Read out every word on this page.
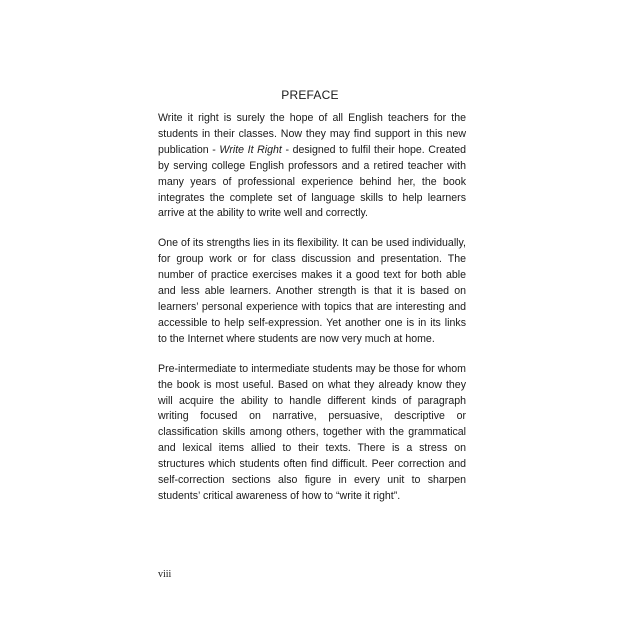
PREFACE

Write it right is surely the hope of all English teachers for the students in their classes. Now they may find support in this new publication - Write It Right - designed to fulfil their hope. Created by serving college English professors and a retired teacher with many years of professional experience behind her, the book integrates the complete set of language skills to help learners arrive at the ability to write well and correctly.

One of its strengths lies in its flexibility. It can be used individually, for group work or for class discussion and presentation. The number of practice exercises makes it a good text for both able and less able learners. Another strength is that it is based on learners’ personal experience with topics that are interesting and accessible to help self-expression. Yet another one is in its links to the Internet where students are now very much at home.

Pre-intermediate to intermediate students may be those for whom the book is most useful. Based on what they already know they will acquire the ability to handle different kinds of paragraph writing focused on narrative, persuasive, descriptive or classification skills among others, together with the grammatical and lexical items allied to their texts. There is a stress on structures which students often find difficult. Peer correction and self-correction sections also figure in every unit to sharpen students’ critical awareness of how to “write it right”.

viii
